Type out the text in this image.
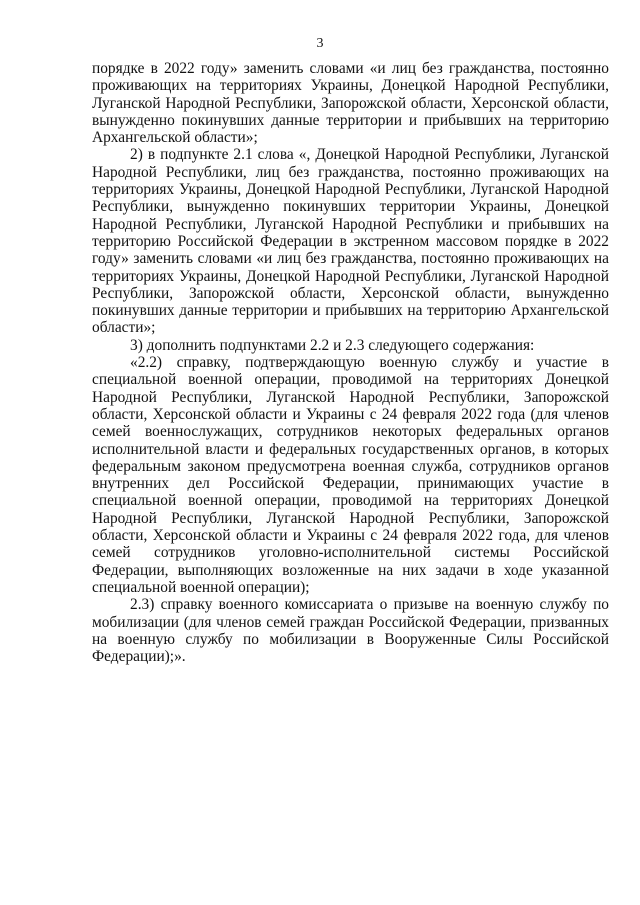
3

порядке в 2022 году» заменить словами «и лиц без гражданства, постоянно проживающих на территориях Украины, Донецкой Народной Республики, Луганской Народной Республики, Запорожской области, Херсонской области, вынужденно покинувших данные территории и прибывших на территорию Архангельской области»;

2) в подпункте 2.1 слова «, Донецкой Народной Республики, Луганской Народной Республики, лиц без гражданства, постоянно проживающих на территориях Украины, Донецкой Народной Республики, Луганской Народной Республики, вынужденно покинувших территории Украины, Донецкой Народной Республики, Луганской Народной Республики и прибывших на территорию Российской Федерации в экстренном массовом порядке в 2022 году» заменить словами «и лиц без гражданства, постоянно проживающих на территориях Украины, Донецкой Народной Республики, Луганской Народной Республики, Запорожской области, Херсонской области, вынужденно покинувших данные территории и прибывших на территорию Архангельской области»;

3) дополнить подпунктами 2.2 и 2.3 следующего содержания:

«2.2) справку, подтверждающую военную службу и участие в специальной военной операции, проводимой на территориях Донецкой Народной Республики, Луганской Народной Республики, Запорожской области, Херсонской области и Украины с 24 февраля 2022 года (для членов семей военнослужащих, сотрудников некоторых федеральных органов исполнительной власти и федеральных государственных органов, в которых федеральным законом предусмотрена военная служба, сотрудников органов внутренних дел Российской Федерации, принимающих участие в специальной военной операции, проводимой на территориях Донецкой Народной Республики, Луганской Народной Республики, Запорожской области, Херсонской области и Украины с 24 февраля 2022 года, для членов семей сотрудников уголовно-исполнительной системы Российской Федерации, выполняющих возложенные на них задачи в ходе указанной специальной военной операции);

2.3) справку военного комиссариата о призыве на военную службу по мобилизации (для членов семей граждан Российской Федерации, призванных на военную службу по мобилизации в Вооруженные Силы Российской Федерации);».
